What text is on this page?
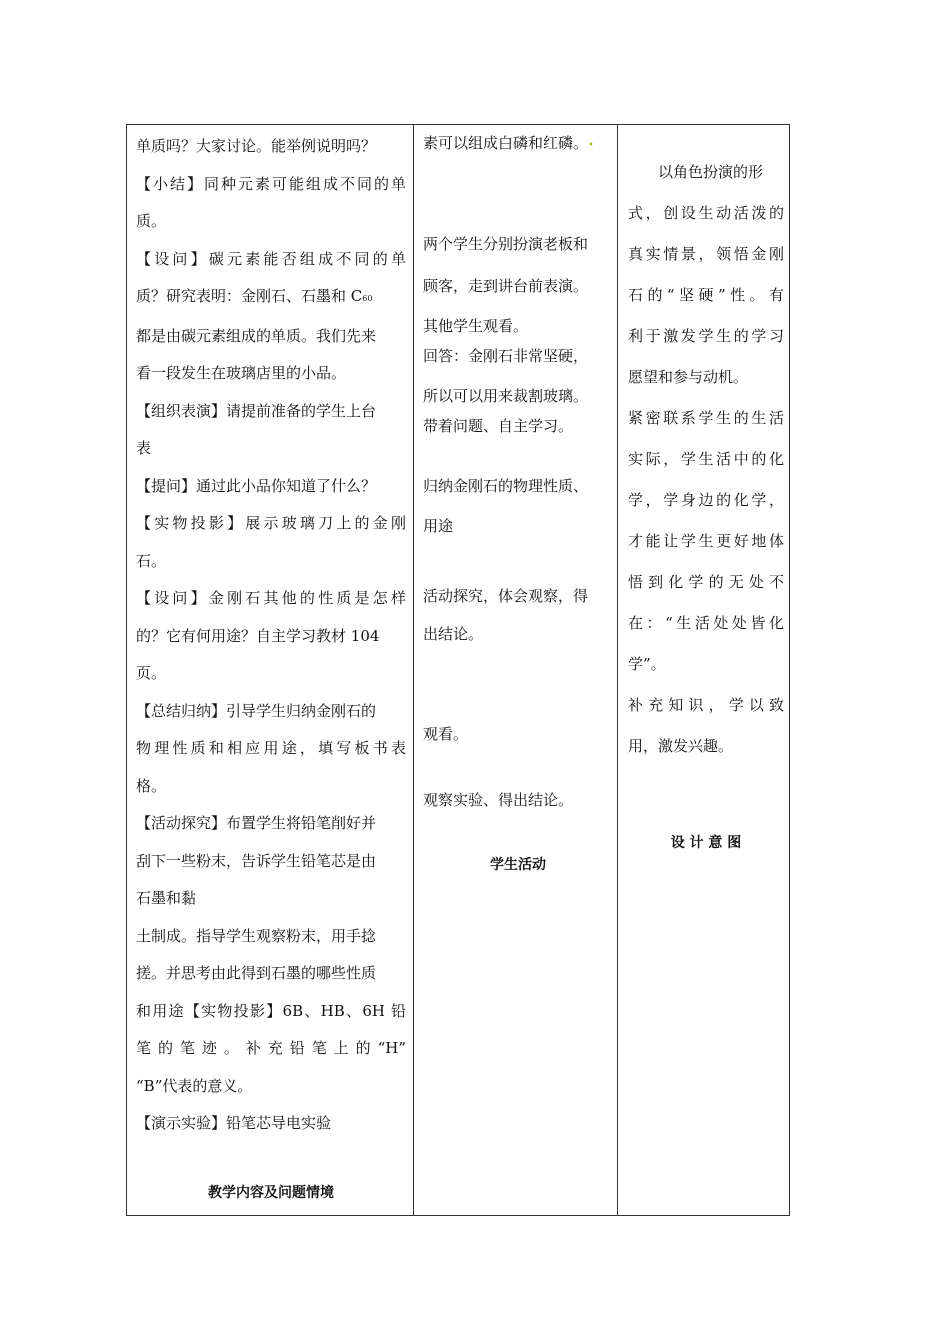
单质吗？大家讨论。能举例说明吗？

【小结】同种元素可能组成不同的单

质。

【设问】碳元素能否组成不同的单

质？研究表明：金刚石、石墨和 C60

都是由碳元素组成的单质。我们先来

看一段发生在玻璃店里的小品。

【组织表演】请提前准备的学生上台

表

【提问】通过此小品你知道了什么？

【实物投影】展示玻璃刀上的金刚

石。

【设问】金刚石其他的性质是怎样

的？它有何用途？自主学习教材 104

页。

【总结归纳】引导学生归纳金刚石的

物理性质和相应用途，填写板书表

格。

【活动探究】布置学生将铅笔削好并

刮下一些粉末，告诉学生铅笔芯是由

石墨和黏

土制成。指导学生观察粉末，用手捻

搓。并思考由此得到石墨的哪些性质

和用途【实物投影】6B、HB、6H 铅

笔的笔迹。补充铅笔上的“H”

“B”代表的意义。

【演示实验】铅笔芯导电实验

教学内容及问题情境

素可以组成白磷和红磷。•

两个学生分别扮演老板和

顾客，走到讲台前表演。

其他学生观看。

回答：金刚石非常坚硬，

所以可以用来裁割玻璃。

带着问题、自主学习。

归纳金刚石的物理性质、

用途

活动探究，体会观察，得

出结论。

观看。

观察实验、得出结论。

学生活动

以角色扮演的形

式，创设生动活泼的

真实情景，领悟金刚

石的“坚硬”性。有

利于激发学生的学习

愿望和参与动机。

紧密联系学生的生活

实际，学生活中的化

学，学身边的化学，

才能让学生更好地体

悟到化学的无处不

在：“生活处处皆化

学”。

补充知识，学以致

用，激发兴趣。

设 计 意 图
